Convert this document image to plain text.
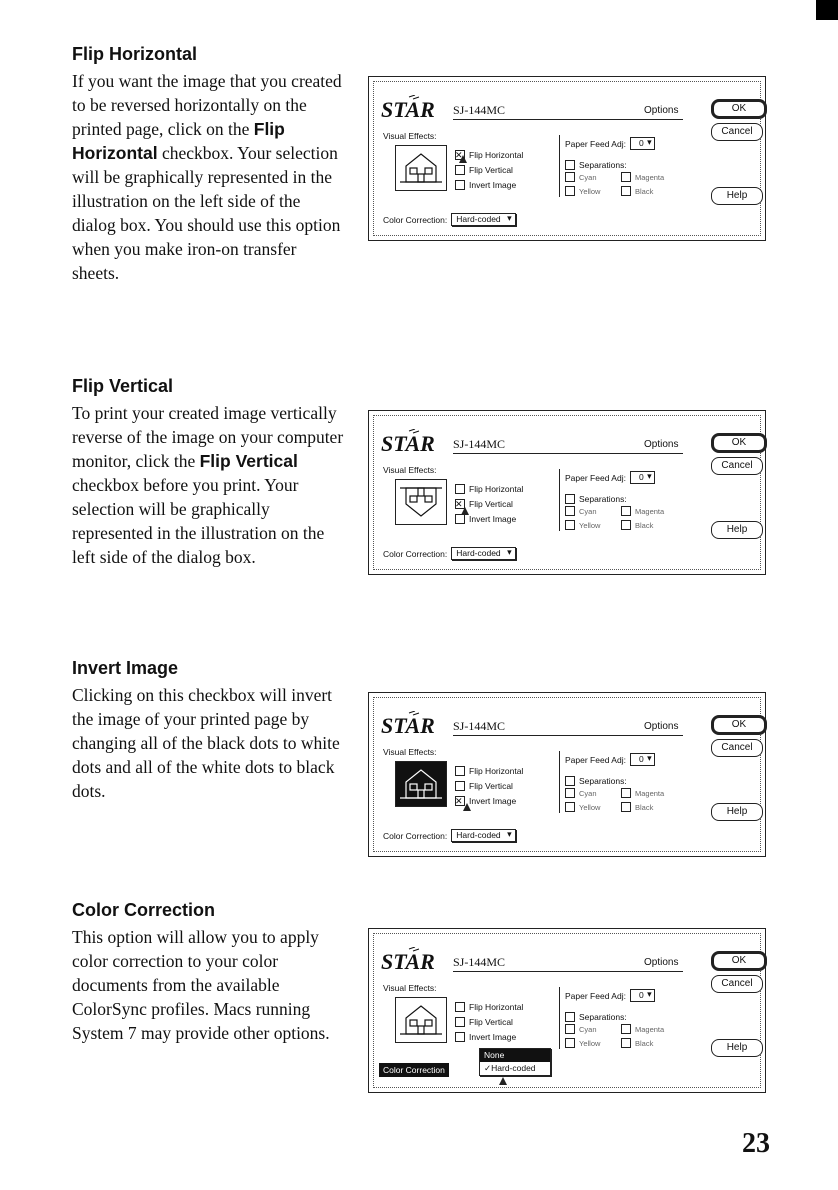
Flip Horizontal

If you want the image that you created to be reversed horizontally on the printed page, click on the Flip Horizontal checkbox. Your selection will be graphically represented in the illustration on the left side of the dialog box. You should use this option when you make iron-on transfer sheets.

Flip Vertical

To print your created image vertically reverse of the image on your computer monitor, click the Flip Vertical checkbox before you print. Your selection will be graphically represented in the illustration on the left side of the dialog box.

Invert Image

Clicking on this checkbox will invert the image of your printed page by changing all of the black dots to white dots and all of the white dots to black dots.

Color Correction

This option will allow you to apply color correction to your color documents from the available ColorSync profiles. Macs running System 7 may provide other options.

STAR SJ-144MC	Options	OK
Cancel
Help
Visual Effects:
✕
Flip Horizontal
Flip Vertical
Invert Image
Paper Feed Adj:	0 ▾
Separations:
Cyan	Magenta
Yellow	Black
Color Correction:	Hard-coded ▾
STAR SJ-144MC	Options	OK
Cancel
Help
Visual Effects:
Flip Horizontal
✕
Flip Vertical
Invert Image
Paper Feed Adj:	0 ▾
Separations:
Cyan	Magenta
Yellow	Black
Color Correction:	Hard-coded ▾
STAR SJ-144MC	Options	OK
Cancel
Help
Visual Effects:
Flip Horizontal
Flip Vertical
✕
Invert Image
Paper Feed Adj:	0 ▾
Separations:
Cyan	Magenta
Yellow	Black
Color Correction:	Hard-coded ▾
STAR SJ-144MC	Options	OK
Cancel
Help
Visual Effects:
Flip Horizontal
Flip Vertical
Invert Image
Paper Feed Adj:	0 ▾
Separations:
Cyan	Magenta
Yellow	Black
Color Correction
None
✓Hard-coded
23
